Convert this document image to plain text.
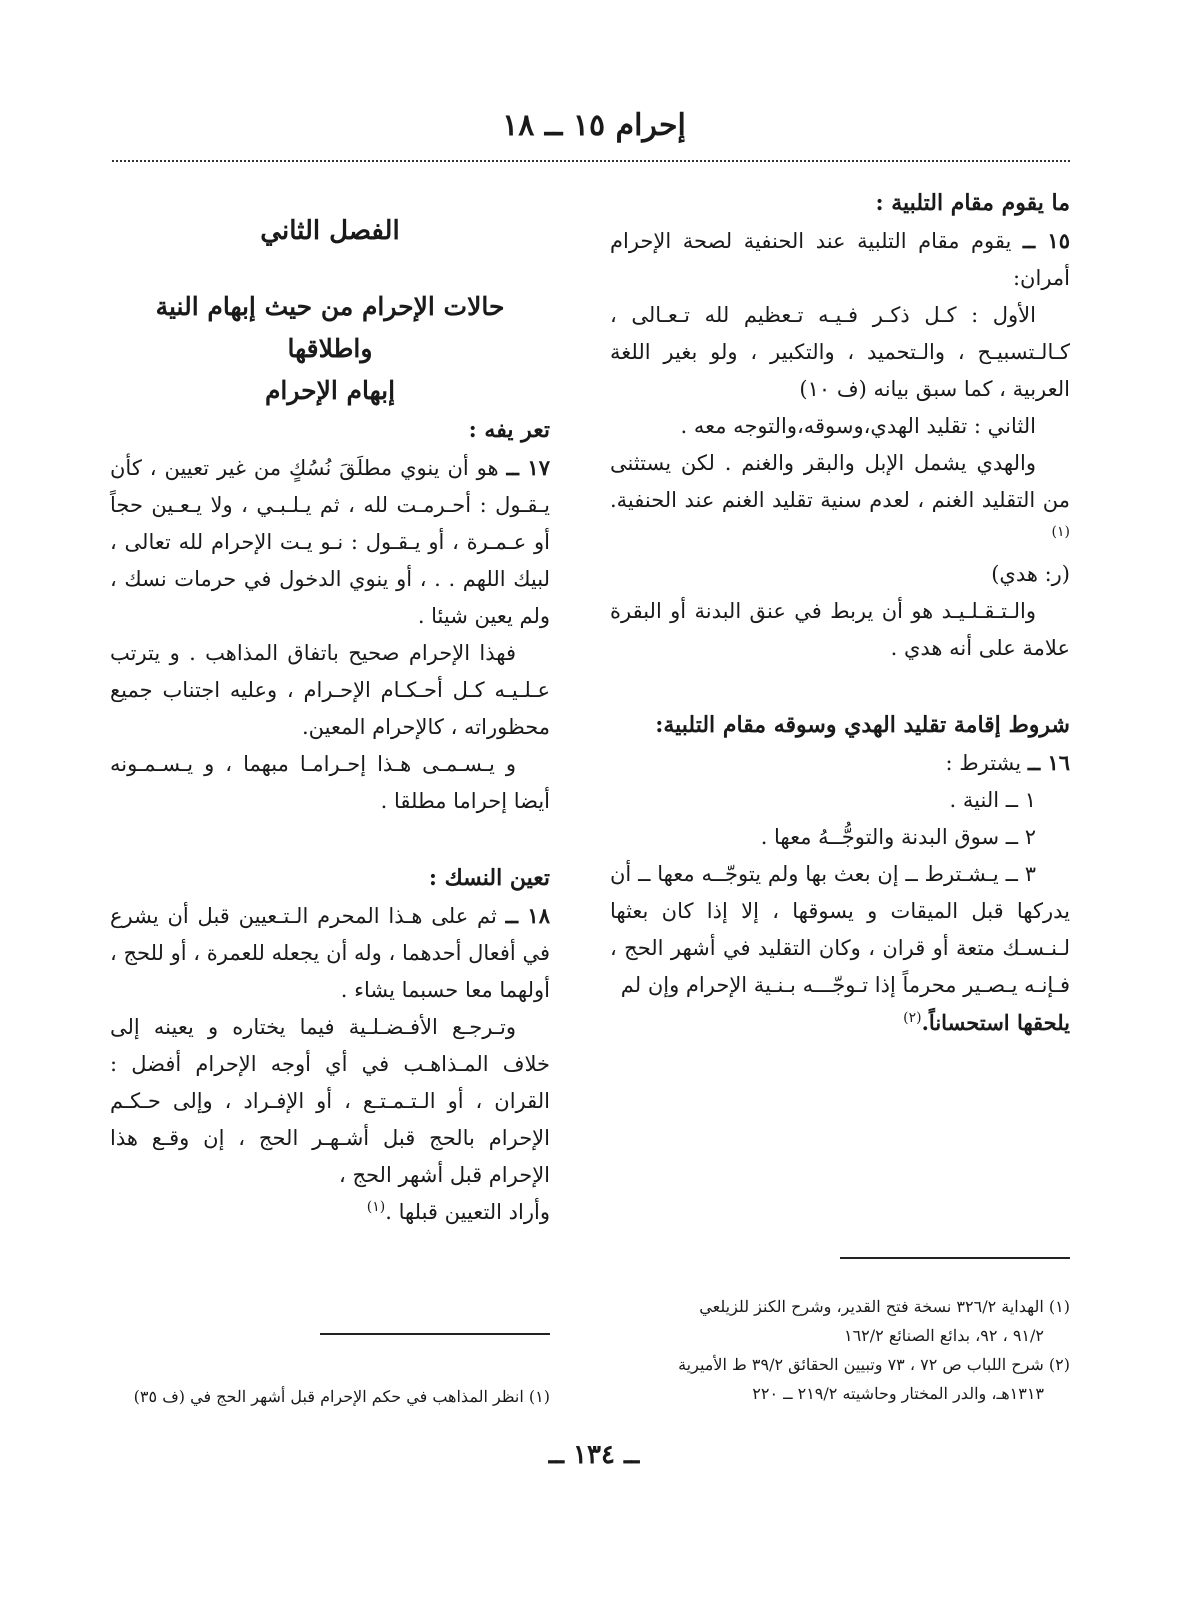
إحرام ١٥ ــ ١٨

ما يقوم مقام التلبية :

١٥ ــ يقوم مقام التلبية عند الحنفية لصحة الإحرام أمران:

الأول : كـل ذكـر فـيـه تـعظيم لله تـعـالى ، كـالـتسبيـح ، والـتحميد ، والتكبير ، ولو بغير اللغة العربية ، كما سبق بيانه (ف ١٠)

الثاني : تقليد الهدي،وسوقه،والتوجه معه .

والهدي يشمل الإبل والبقر والغنم . لكن يستثنى من التقليد الغنم ، لعدم سنية تقليد الغنم عند الحنفية.$^{(١)}$

(ر: هدي)

والـتـقـلـيـد هو أن يربط في عنق البدنة أو البقرة علامة على أنه هدي .

شروط إقامة تقليد الهدي وسوقه مقام التلبية:

١٦ ــ يشترط :

١ ــ النية .

٢ ــ سوق البدنة والتوجُّــهُ معها .

٣ ــ يـشـترط ــ إن بعث بها ولم يتوجّــه معها ــ أن يدركها قبل الميقات و يسوقها ، إلا إذا كان بعثها لـنـسـك متعة أو قران ، وكان التقليد في أشهر الحج ، فـإنـه يـصـير محرماً إذا تـوجّـــه بـنـية الإحرام وإن لم

يلحقها استحساناً.$^{(٢)}$

الفصل الثاني

حالات الإحرام من حيث إبهام النية واطلاقها

إبهام الإحرام

تعر يفه :

١٧ ــ هو أن ينوي مطلَقَ نُسُكٍ من غير تعيين ، كأن يـقـول : أحـرمـت لله ، ثم يـلـبـي ، ولا يـعـين حجاً أو عـمـرة ، أو يـقـول : نـو يـت الإحرام لله تعالى ، لبيك اللهم . . ، أو ينوي الدخول في حرمات نسك ، ولم يعين شيئا .

فهذا الإحرام صحيح باتفاق المذاهب . و يترتب عـلـيـه كـل أحـكـام الإحـرام ، وعليه اجتناب جميع محظوراته ، كالإحرام المعين.

و يـسـمـى هـذا إحـرامـا مبهما ، و يـسـمـونه أيضا إحراما مطلقا .

تعين النسك :

١٨ ــ ثم على هـذا المحرم الـتـعيين قبل أن يشرع في أفعال أحدهما ، وله أن يجعله للعمرة ، أو للحج ، أولهما معا حسبما يشاء .

وتـرجـع الأفـضـلـية فيما يختاره و يعينه إلى خلاف المـذاهـب في أي أوجه الإحرام أفضل : القران ، أو الـتـمـتـع ، أو الإفـراد ، وإلى حـكـم الإحرام بالحج قبل أشـهـر الحج ، إن وقـع هذا الإحرام قبل أشهر الحج ،

وأراد التعيين قبلها .$^{(١)}$

(١) الهداية ٣٢٦/٢ نسخة فتح القدير، وشرح الكنز للزيلعي
٩١/٢ ، ٩٢، بدائع الصنائع ١٦٢/٢
(٢) شرح اللباب ص ٧٢ ، ٧٣ وتبيين الحقائق ٣٩/٢ ط الأميرية
١٣١٣هـ، والدر المختار وحاشيته ٢١٩/٢ ــ ٢٢٠
(١) انظر المذاهب في حكم الإحرام قبل أشهر الحج في (ف ٣٥)
ــ ١٣٤ ــ
